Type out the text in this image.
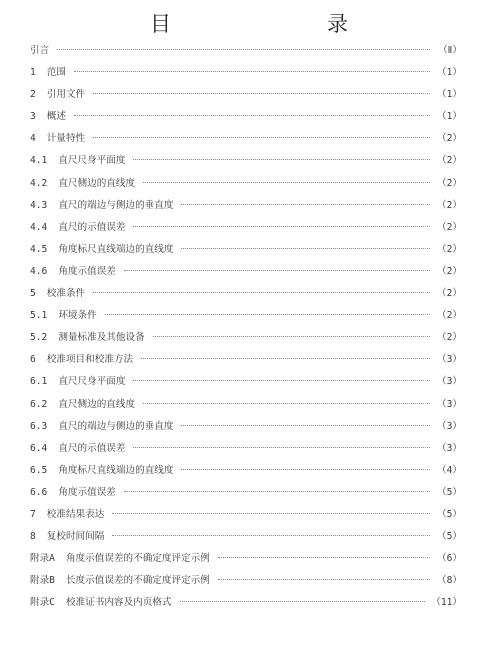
目　　录
引言	（Ⅱ）
1	范围	（1）
2	引用文件	（1）
3	概述	（1）
4	计量特性	（2）
4.1	直尺尺身平面度	（2）
4.2	直尺侧边的直线度	（2）
4.3	直尺的端边与侧边的垂直度	（2）
4.4	直尺的示值误差	（2）
4.5	角度标尺直线端边的直线度	（2）
4.6	角度示值误差	（2）
5	校准条件	（2）
5.1	环境条件	（2）
5.2	测量标准及其他设备	（2）
6	校准项目和校准方法	（3）
6.1	直尺尺身平面度	（3）
6.2	直尺侧边的直线度	（3）
6.3	直尺的端边与侧边的垂直度	（3）
6.4	直尺的示值误差	（3）
6.5	角度标尺直线端边的直线度	（4）
6.6	角度示值误差	（5）
7	校准结果表达	（5）
8	复校时间间隔	（5）
附录A	角度示值误差的不确定度评定示例	（6）
附录B	长度示值误差的不确定度评定示例	（8）
附录C	校准证书内容及内页格式	（11）
